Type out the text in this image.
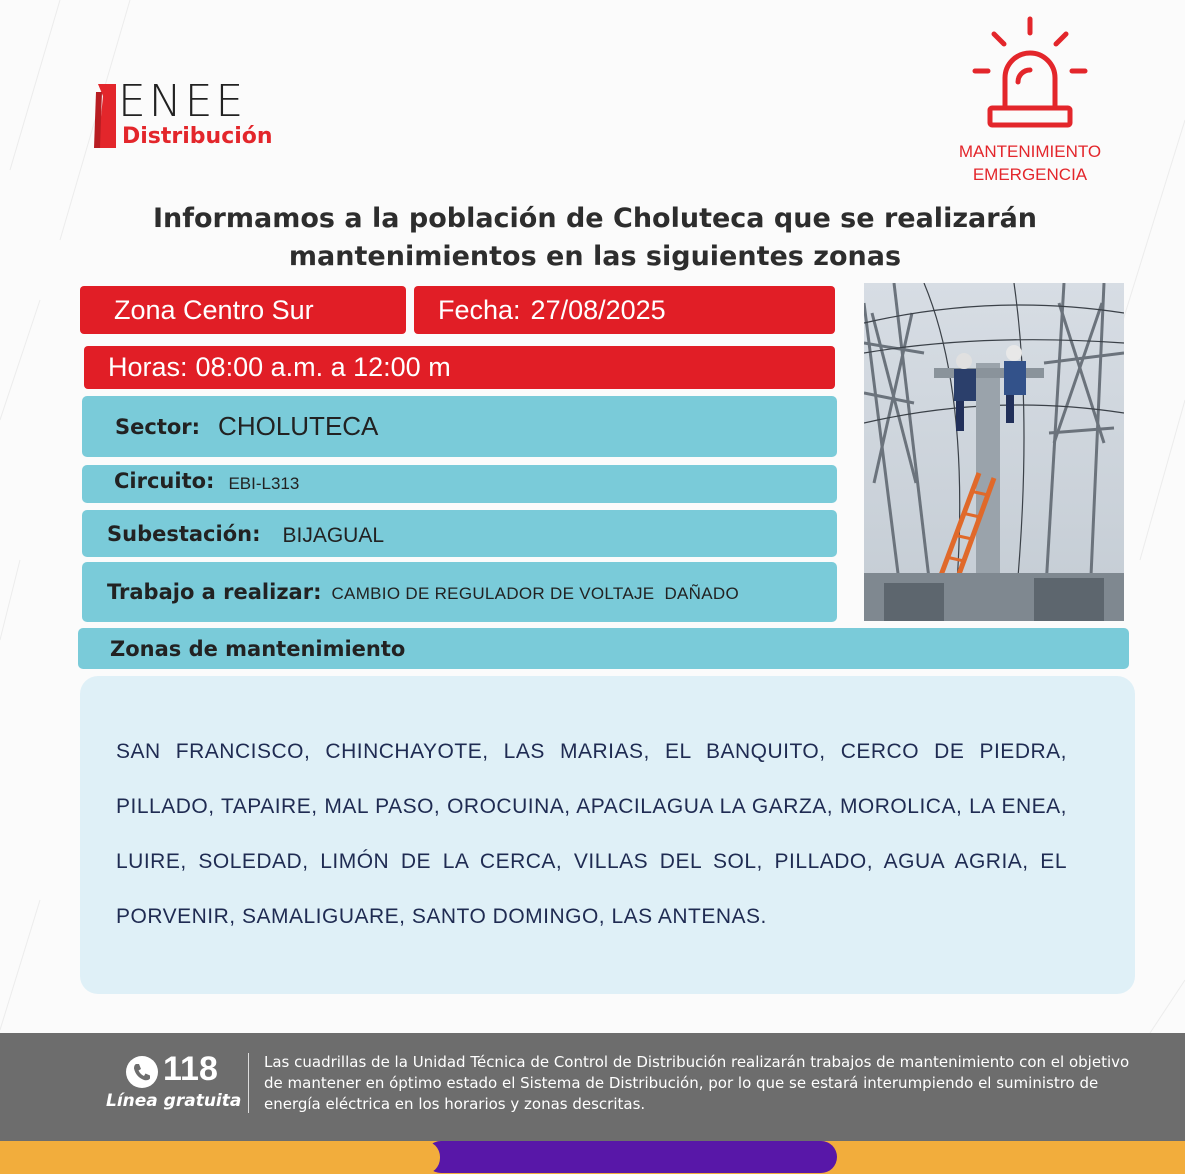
ENEE
Distribución
MANTENIMIENTO
EMERGENCIA
Informamos a la población de Choluteca que se realizarán
mantenimientos en las siguientes zonas
Zona Centro Sur	Fecha: 27/08/2025
Horas: 08:00 a.m. a 12:00 m
Sector: CHOLUTECA
Circuito: EBI-L313
Subestación: BIJAGUAL
Trabajo a realizar: CAMBIO DE REGULADOR DE VOLTAJE  DAÑADO
Zonas de mantenimiento
SAN FRANCISCO, CHINCHAYOTE, LAS MARIAS, EL BANQUITO, CERCO DE PIEDRA, PILLADO, TAPAIRE, MAL PASO, OROCUINA, APACILAGUA LA GARZA, MOROLICA, LA ENEA, LUIRE, SOLEDAD, LIMÓN DE LA CERCA, VILLAS DEL SOL, PILLADO, AGUA AGRIA, EL PORVENIR, SAMALIGUARE, SANTO DOMINGO, LAS ANTENAS.
118
Línea gratuita
Las cuadrillas de la Unidad Técnica de Control de Distribución realizarán trabajos de mantenimiento con el objetivo de mantener en óptimo estado el Sistema de Distribución, por lo que se estará interumpiendo el suministro de energía eléctrica en los horarios y zonas descritas.
